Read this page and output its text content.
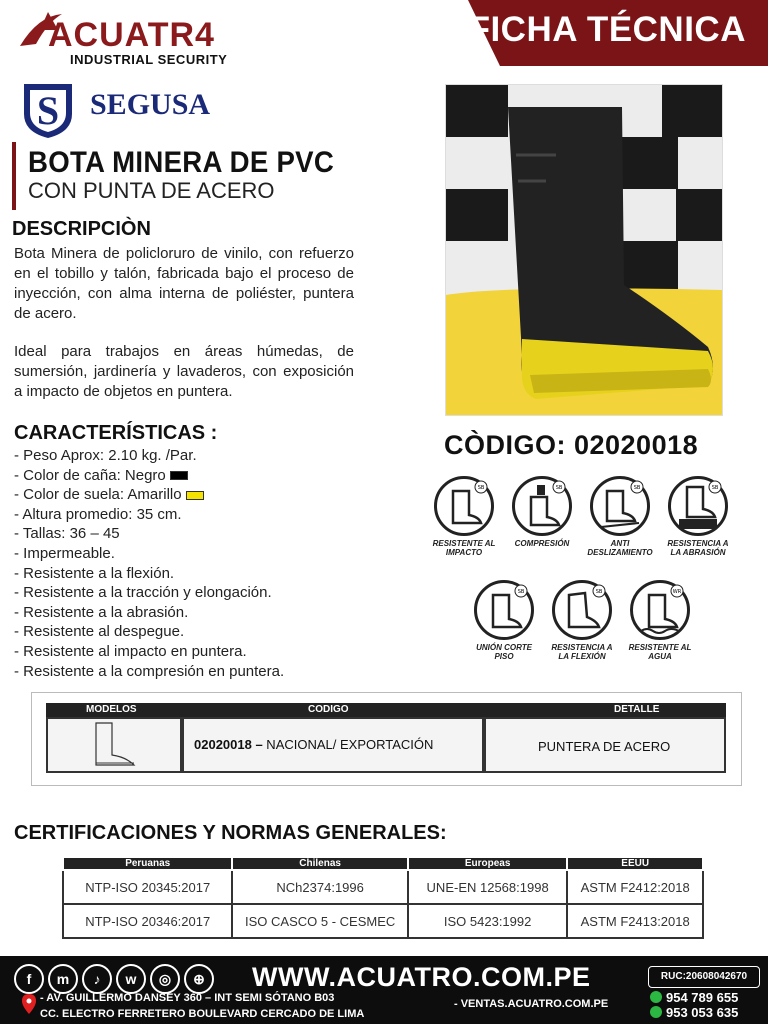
FICHA TÉCNICA
ACUATR4
INDUSTRIAL SECURITY
S SEGUSA
BOTA MINERA DE PVC
CON PUNTA DE ACERO
DESCRIPCIÒN
Bota Minera de policloruro de vinilo, con refuerzo en el tobillo y talón, fabricada bajo el proceso de inyección, con alma interna de poliéster, puntera de acero.
Ideal para trabajos en áreas húmedas, de sumersión, jardinería y lavaderos, con exposición a impacto de objetos en puntera.
CARACTERÍSTICAS :
- Peso Aprox: 2.10 kg. /Par.
- Color de caña: Negro
- Color de suela: Amarillo
- Altura promedio: 35 cm.
- Tallas: 36 – 45
- Impermeable.
- Resistente a la flexión.
- Resistente a la tracción y elongación.
- Resistente a la abrasión.
- Resistente al despegue.
- Resistente al impacto en puntera.
- Resistente a la compresión en puntera.
CÒDIGO: 02020018
SB
RESISTENTE AL IMPACTO
SB
COMPRESIÓN
SB
ANTI DESLIZAMIENTO
SB
RESISTENCIA A LA ABRASIÓN
SB
UNIÓN CORTE PISO
SB
RESISTENCIA A LA FLEXIÓN
WR
RESISTENTE AL AGUA
MODELOS	CODIGO	DETALLE
02020018 – NACIONAL/ EXPORTACIÓN	PUNTERA DE ACERO
CERTIFICACIONES Y NORMAS GENERALES:
Peruanas	Chilenas	Europeas	EEUU
NTP-ISO 20345:2017	NCh2374:1996	UNE-EN 12568:1998	ASTM F2412:2018
NTP-ISO 20346:2017	ISO CASCO 5 - CESMEC	ISO 5423:1992	ASTM F2413:2018
f m ♪ w ◎ ⊕	WWW.ACUATRO.COM.PE	RUC:20608042670
- AV. GUILLERMO DANSEY 360 – INT SEMI SÓTANO B03
CC. ELECTRO FERRETERO BOULEVARD CERCADO DE LIMA
- VENTAS.ACUATRO.COM.PE	954 789 655
953 053 635
